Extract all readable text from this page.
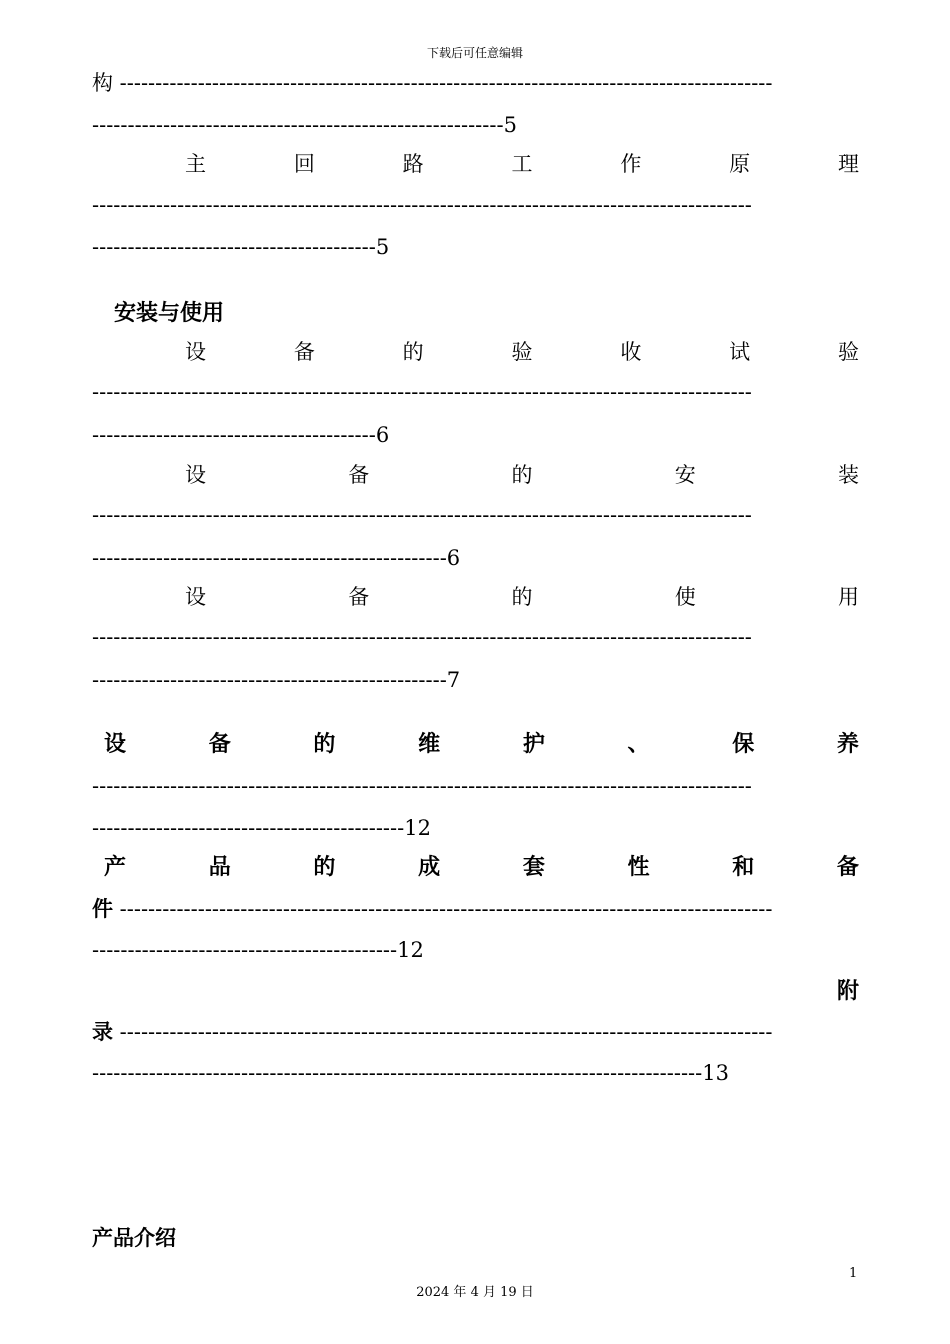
下载后可任意编辑
构 --------------------------------------------------------------------------------------------
----------------------------------------------------------5
主	回	路	工	作	原	理
---------------------------------------------------------------------------------------------
----------------------------------------5
安装与使用
设	备	的	验	收	试	验
---------------------------------------------------------------------------------------------
----------------------------------------6
设	备	的	安	装
---------------------------------------------------------------------------------------------
--------------------------------------------------6
设	备	的	使	用
---------------------------------------------------------------------------------------------
--------------------------------------------------7
设	备	的	维	护	、	保	养
---------------------------------------------------------------------------------------------
--------------------------------------------12
产	品	的	成	套	性	和	备
件 --------------------------------------------------------------------------------------------
-------------------------------------------12
附
录 --------------------------------------------------------------------------------------------
--------------------------------------------------------------------------------------13
产品介绍
1
2024 年 4 月 19 日
